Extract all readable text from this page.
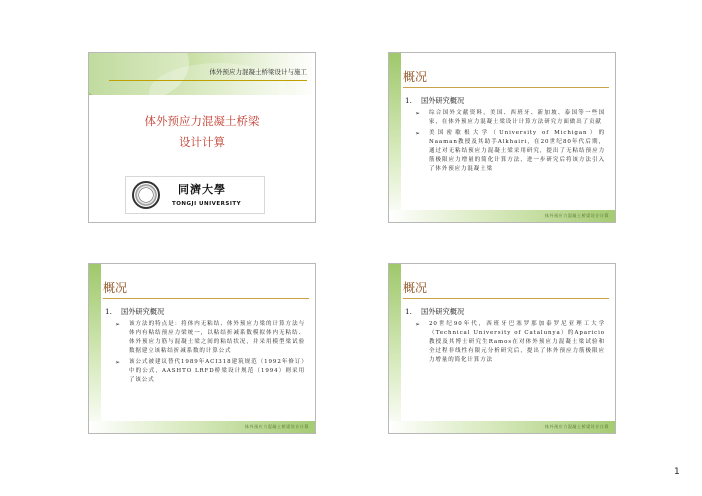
体外预应力混凝土桥梁设计与施工
体外预应力混凝土桥梁
设计计算
同濟大學
TONGJI UNIVERSITY
概况
1. 国外研究概况
➢ 综合国外文献资料，美国、西班牙、新加坡、泰国等一些国家，在体外预应力混凝土梁设计计算方法研究方面做出了贡献
➢ 美国密歇根大学（University of Michigan）的Naaman教授及其助手Alkhairi，在20世纪80年代后期，通过对无粘结预应力混凝土梁采用研究，提出了无粘结预应力筋极限应力增量的简化计算方法，进一步研究后将该方法引入了体外预应力混凝土梁
体外预应力混凝土桥梁设计计算
概况
1. 国外研究概况
➢ 该方法的特点是：将体内无粘结、体外预应力梁的计算方法与体内有粘结预应力梁统一，以粘结折减系数模拟体内无粘结、体外预应力筋与混凝土梁之间的粘结状况，并采用模型梁试验数据建立该粘结折减系数的计算公式
➢ 该公式被建议替代1989年ACI318建筑规范（1992年修订）中的公式，AASHTO LRFD桥梁设计规范（1994）则采用了该公式
体外预应力混凝土桥梁设计计算
概况
1. 国外研究概况
➢ 20世纪90年代，西班牙巴塞罗那加泰罗尼亚理工大学（Technical University of Catalunya）的Aparicio教授及其博士研究生Ramos在对体外预应力混凝土梁试验和全过程非线性有限元分析研究后，提出了体外预应力筋极限应力增量的简化计算方法
体外预应力混凝土桥梁设计计算
1
